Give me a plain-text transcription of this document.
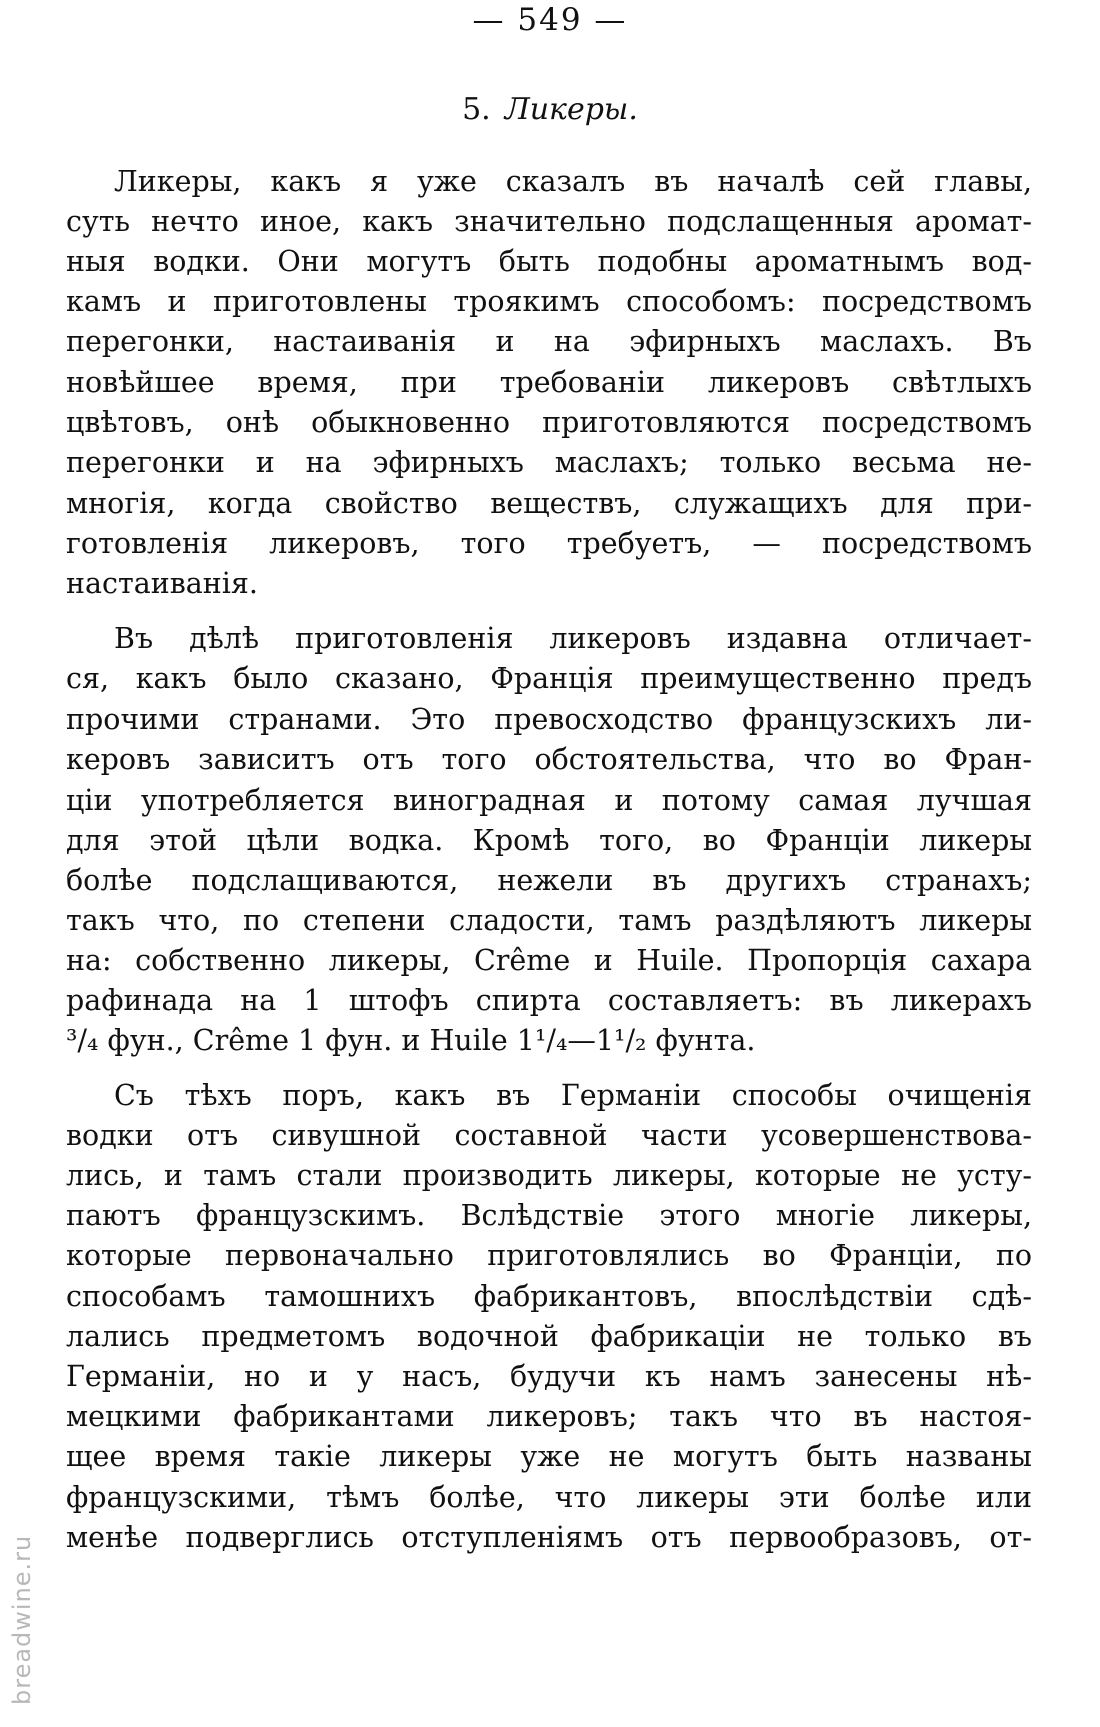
— 549 —
5. Ликеры.
Ликеры, какъ я уже сказалъ въ началѣ сей главы,
суть нечто иное, какъ значительно подслащенныя аромат-
ныя водки. Они могутъ быть подобны ароматнымъ вод-
камъ и приготовлены троякимъ способомъ: посредствомъ
перегонки, настаиванія и на эфирныхъ маслахъ. Въ
новѣйшее время, при требованіи ликеровъ свѣтлыхъ
цвѣтовъ, онѣ обыкновенно приготовляются посредствомъ
перегонки и на эфирныхъ маслахъ; только весьма не-
многія, когда свойство веществъ, служащихъ для при-
готовленія ликеровъ, того требуетъ, — посредствомъ
настаиванія.
Въ дѣлѣ приготовленія ликеровъ издавна отличает-
ся, какъ было сказано, Франція преимущественно предъ
прочими странами. Это превосходство французскихъ ли-
керовъ зависитъ отъ того обстоятельства, что во Фран-
ціи употребляется виноградная и потому самая лучшая
для этой цѣли водка. Кромѣ того, во Франціи ликеры
болѣе подслащиваются, нежели въ другихъ странахъ;
такъ что, по степени сладости, тамъ раздѣляютъ ликеры
на: собственно ликеры, Crême и Huile. Пропорція сахара
рафинада на 1 штофъ спирта составляетъ: въ ликерахъ
³/₄ фун., Crême 1 фун. и Huile 1¹/₄—1¹/₂ фунта.
Съ тѣхъ поръ, какъ въ Германіи способы очищенія
водки отъ сивушной составной части усовершенствова-
лись, и тамъ стали производить ликеры, которые не усту-
паютъ французскимъ. Вслѣдствіе этого многіе ликеры,
которые первоначально приготовлялись во Франціи, по
способамъ тамошнихъ фабрикантовъ, впослѣдствіи сдѣ-
лались предметомъ водочной фабрикаціи не только въ
Германіи, но и у насъ, будучи къ намъ занесены нѣ-
мецкими фабрикантами ликеровъ; такъ что въ настоя-
щее время такіе ликеры уже не могутъ быть названы
французскими, тѣмъ болѣе, что ликеры эти болѣе или
менѣе подверглись отступленіямъ отъ первообразовъ, от-
breadwine.ru
